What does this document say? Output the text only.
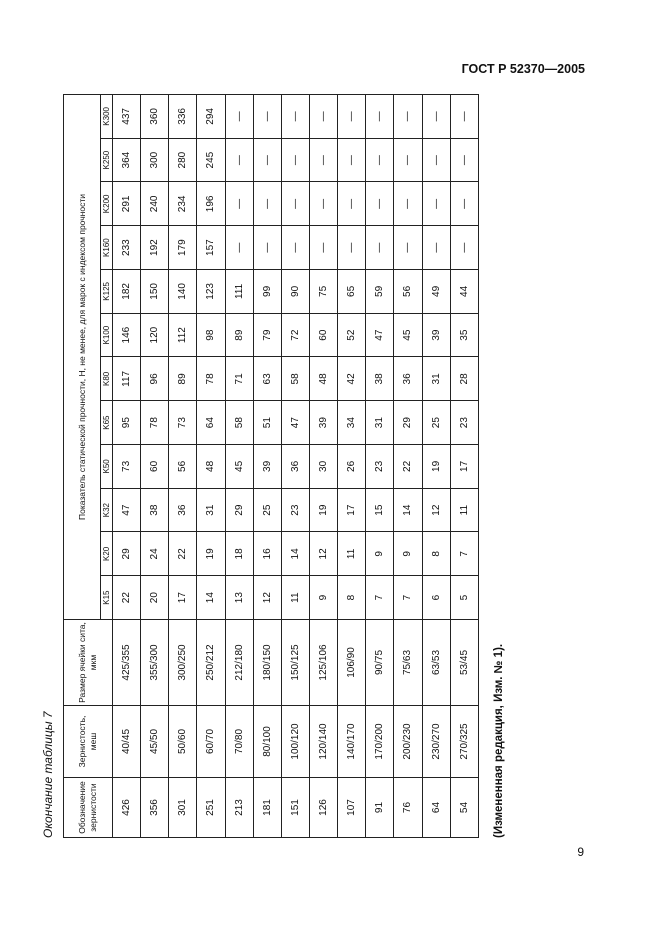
ГОСТ Р 52370—2005
Окончание таблицы 7	Обозначение зернистости	Зернистость, меш	Размер ячейки сита, мкм	Показатель статической прочности, Н, не менее, для марок с индексом прочности											
			K15	K20	K32	K50	K65	K80	K100	K125	K160	K200	K250	K300
426	40/45	425/355	22	29	47	73	95	117	146	182	233	291	364	437
356	45/50	355/300	20	24	38	60	78	96	120	150	192	240	300	360
301	50/60	300/250	17	22	36	56	73	89	112	140	179	234	280	336
251	60/70	250/212	14	19	31	48	64	78	98	123	157	196	245	294
213	70/80	212/180	13	18	29	45	58	71	89	111	—	—	—	—
181	80/100	180/150	12	16	25	39	51	63	79	99	—	—	—	—
151	100/120	150/125	11	14	23	36	47	58	72	90	—	—	—	—
126	120/140	125/106	9	12	19	30	39	48	60	75	—	—	—	—
107	140/170	106/90	8	11	17	26	34	42	52	65	—	—	—	—
91	170/200	90/75	7	9	15	23	31	38	47	59	—	—	—	—
76	200/230	75/63	7	9	14	22	29	36	45	56	—	—	—	—
64	230/270	63/53	6	8	12	19	25	31	39	49	—	—	—	—
54	270/325	53/45	5	7	11	17	23	28	35	44	—	—	—	—
(Измененная редакция, Изм. № 1).
9
